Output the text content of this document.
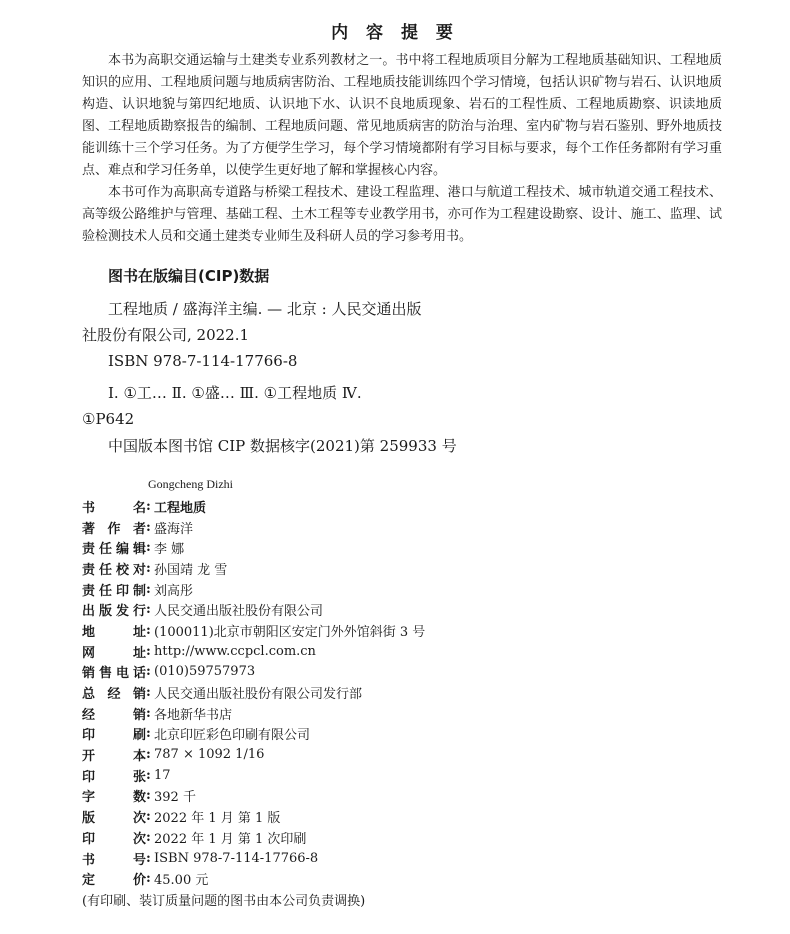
内 容 提 要

本书为高职交通运输与土建类专业系列教材之一。书中将工程地质项目分解为工程地质基础知识、工程地质知识的应用、工程地质问题与地质病害防治、工程地质技能训练四个学习情境，包括认识矿物与岩石、认识地质构造、认识地貌与第四纪地质、认识地下水、认识不良地质现象、岩石的工程性质、工程地质勘察、识读地质图、工程地质勘察报告的编制、工程地质问题、常见地质病害的防治与治理、室内矿物与岩石鉴别、野外地质技能训练十三个学习任务。为了方便学生学习，每个学习情境都附有学习目标与要求，每个工作任务都附有学习重点、难点和学习任务单，以使学生更好地了解和掌握核心内容。

本书可作为高职高专道路与桥梁工程技术、建设工程监理、港口与航道工程技术、城市轨道交通工程技术、高等级公路维护与管理、基础工程、土木工程等专业教学用书，亦可作为工程建设勘察、设计、施工、监理、试验检测技术人员和交通土建类专业师生及科研人员的学习参考用书。

图书在版编目(CIP)数据
工程地质 / 盛海洋主编. — 北京 : 人民交通出版
社股份有限公司, 2022.1
ISBN 978-7-114-17766-8
Ⅰ. ①工… Ⅱ. ①盛… Ⅲ. ①工程地质 Ⅳ.
①P642
中国版本图书馆 CIP 数据核字(2021)第 259933 号
Gongcheng Dizhi
书名 : 工程地质
著作者 : 盛海洋
责任编辑 : 李 娜
责任校对 : 孙国靖 龙 雪
责任印制 : 刘高彤
出版发行 : 人民交通出版社股份有限公司
地址 : (100011)北京市朝阳区安定门外外馆斜街 3 号
网址 : http://www.ccpcl.com.cn
销售电话 : (010)59757973
总经销 : 人民交通出版社股份有限公司发行部
经销 : 各地新华书店
印刷 : 北京印匠彩色印刷有限公司
开本 : 787 × 1092 1/16
印张 : 17
字数 : 392 千
版次 : 2022 年 1 月 第 1 版
印次 : 2022 年 1 月 第 1 次印刷
书号 : ISBN 978-7-114-17766-8
定价 : 45.00 元
(有印刷、装订质量问题的图书由本公司负责调换)
